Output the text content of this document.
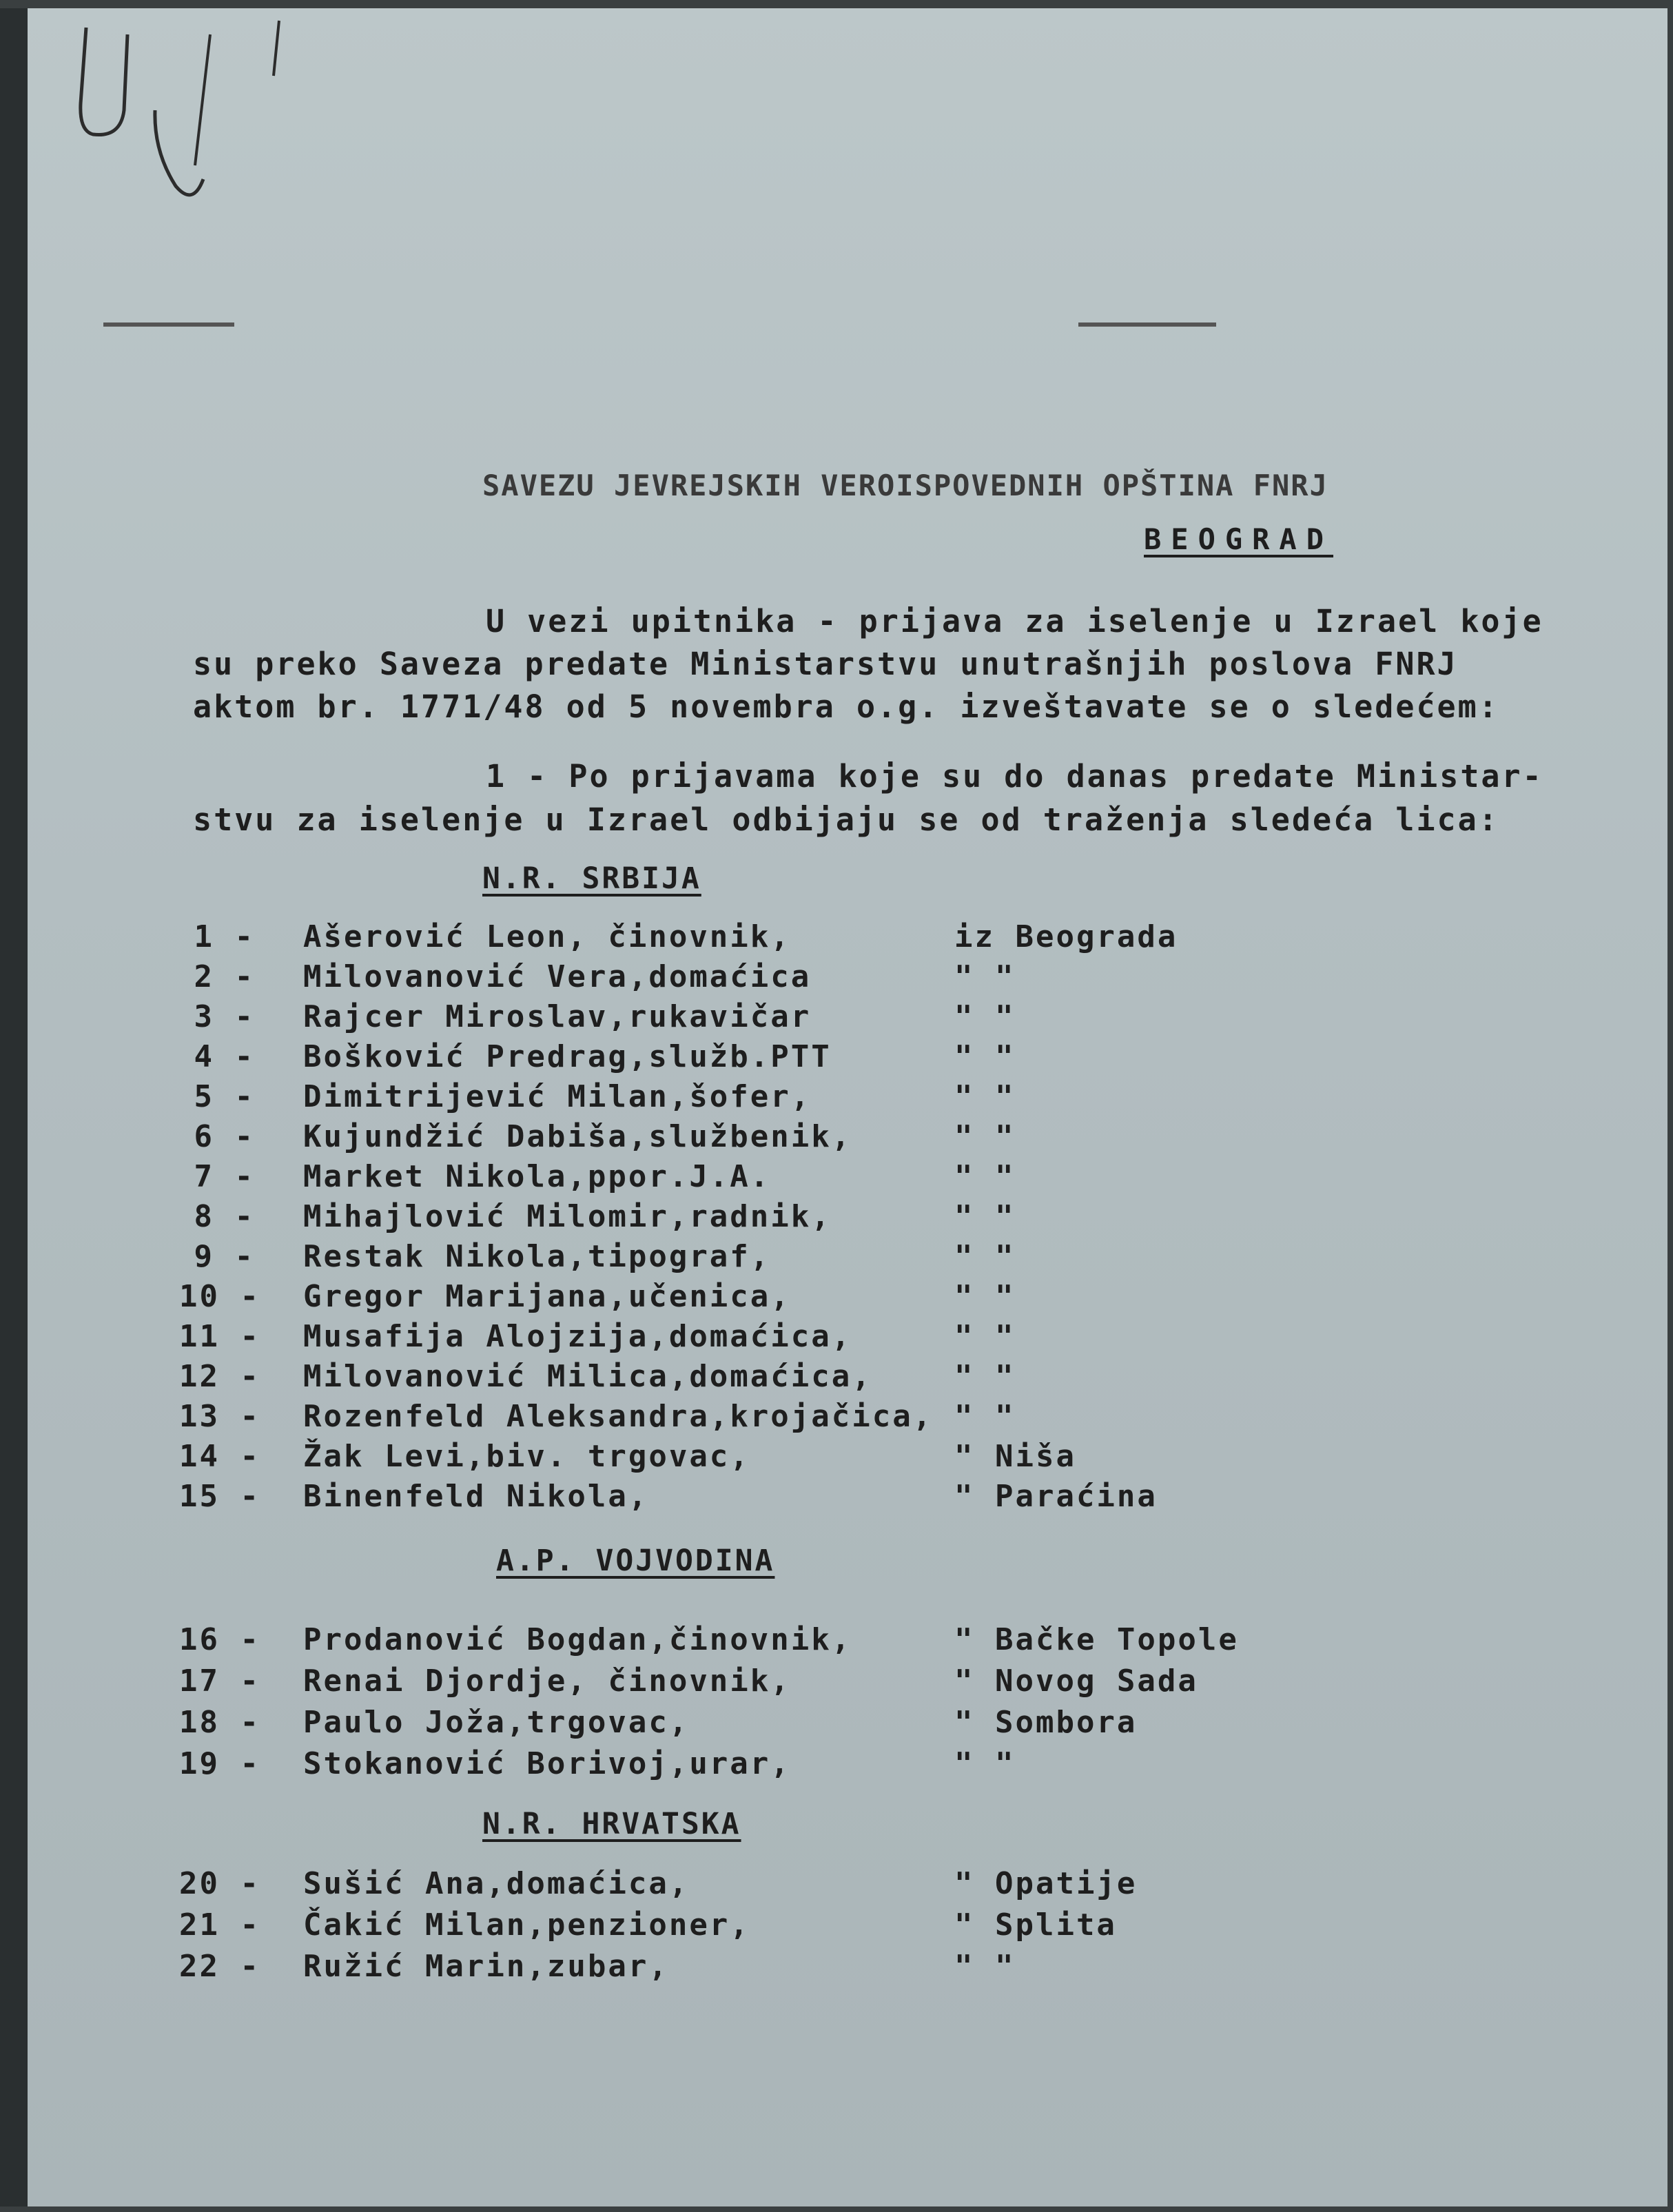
SAVEZU JEVREJSKIH VEROISPOVEDNIH OPŠTINA FNRJ
BEOGRAD
U vezi upitnika - prijava za iselenje u Izrael koje
su preko Saveza predate Ministarstvu unutrašnjih poslova FNRJ
aktom br. 1771/48 od 5 novembra o.g. izveštavate se o sledećem:
1 - Po prijavama koje su do danas predate Ministar-
stvu za iselenje u Izrael odbijaju se od traženja sledeća lica:
N.R. SRBIJA
1 - Ašerović Leon, činovnik,	iz Beograda
2 - Milovanović Vera,domaćica	" "
3 - Rajcer Miroslav,rukavičar	" "
4 - Bošković Predrag,služb.PTT	" "
5 - Dimitrijević Milan,šofer,	" "
6 - Kujundžić Dabiša,službenik,	" "
7 - Market Nikola,ppor.J.A.	" "
8 - Mihajlović Milomir,radnik,	" "
9 - Restak Nikola,tipograf,	" "
10 - Gregor Marijana,učenica,	" "
11 - Musafija Alojzija,domaćica,	" "
12 - Milovanović Milica,domaćica,	" "
13 - Rozenfeld Aleksandra,krojačica, " "
14 - Žak Levi,biv. trgovac,	" Niša
15 - Binenfeld Nikola,	" Paraćina
A.P. VOJVODINA
16 - Prodanović Bogdan,činovnik,	" Bačke Topole
17 - Renai Djordje, činovnik,	" Novog Sada
18 - Paulo Joža,trgovac,	" Sombora
19 - Stokanović Borivoj,urar,	" "
N.R. HRVATSKA
20 - Sušić Ana,domaćica,	" Opatije
21 - Čakić Milan,penzioner,	" Splita
22 - Ružić Marin,zubar,	" "
